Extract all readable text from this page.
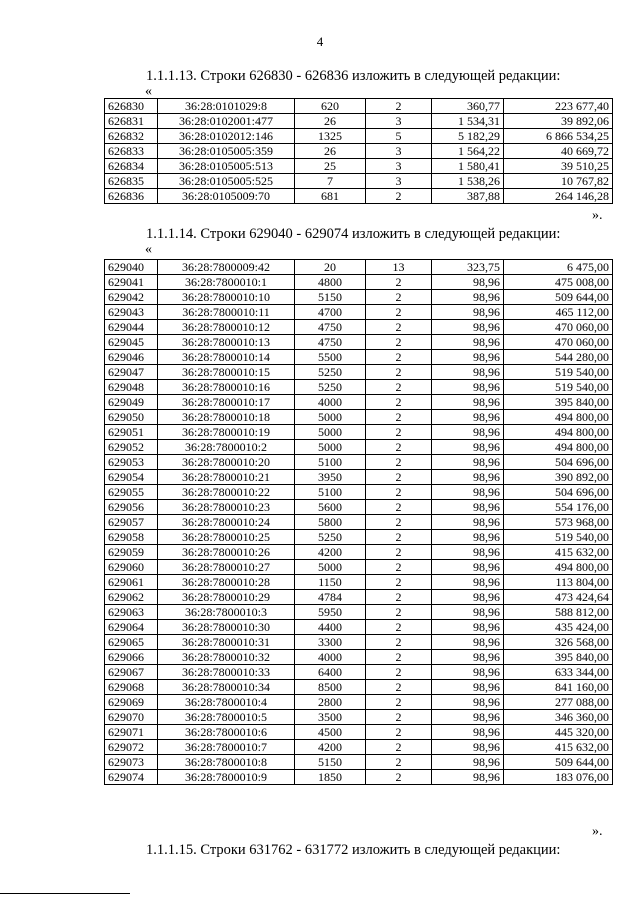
4
1.1.1.13. Строки 626830 - 626836 изложить в следующей редакции:
«
626830	36:28:0101029:8	620	2	360,77	223 677,40
626831	36:28:0102001:477	26	3	1 534,31	39 892,06
626832	36:28:0102012:146	1325	5	5 182,29	6 866 534,25
626833	36:28:0105005:359	26	3	1 564,22	40 669,72
626834	36:28:0105005:513	25	3	1 580,41	39 510,25
626835	36:28:0105005:525	7	3	1 538,26	10 767,82
626836	36:28:0105009:70	681	2	387,88	264 146,28
».
1.1.1.14. Строки 629040 - 629074 изложить в следующей редакции:
«
629040	36:28:7800009:42	20	13	323,75	6 475,00
629041	36:28:7800010:1	4800	2	98,96	475 008,00
629042	36:28:7800010:10	5150	2	98,96	509 644,00
629043	36:28:7800010:11	4700	2	98,96	465 112,00
629044	36:28:7800010:12	4750	2	98,96	470 060,00
629045	36:28:7800010:13	4750	2	98,96	470 060,00
629046	36:28:7800010:14	5500	2	98,96	544 280,00
629047	36:28:7800010:15	5250	2	98,96	519 540,00
629048	36:28:7800010:16	5250	2	98,96	519 540,00
629049	36:28:7800010:17	4000	2	98,96	395 840,00
629050	36:28:7800010:18	5000	2	98,96	494 800,00
629051	36:28:7800010:19	5000	2	98,96	494 800,00
629052	36:28:7800010:2	5000	2	98,96	494 800,00
629053	36:28:7800010:20	5100	2	98,96	504 696,00
629054	36:28:7800010:21	3950	2	98,96	390 892,00
629055	36:28:7800010:22	5100	2	98,96	504 696,00
629056	36:28:7800010:23	5600	2	98,96	554 176,00
629057	36:28:7800010:24	5800	2	98,96	573 968,00
629058	36:28:7800010:25	5250	2	98,96	519 540,00
629059	36:28:7800010:26	4200	2	98,96	415 632,00
629060	36:28:7800010:27	5000	2	98,96	494 800,00
629061	36:28:7800010:28	1150	2	98,96	113 804,00
629062	36:28:7800010:29	4784	2	98,96	473 424,64
629063	36:28:7800010:3	5950	2	98,96	588 812,00
629064	36:28:7800010:30	4400	2	98,96	435 424,00
629065	36:28:7800010:31	3300	2	98,96	326 568,00
629066	36:28:7800010:32	4000	2	98,96	395 840,00
629067	36:28:7800010:33	6400	2	98,96	633 344,00
629068	36:28:7800010:34	8500	2	98,96	841 160,00
629069	36:28:7800010:4	2800	2	98,96	277 088,00
629070	36:28:7800010:5	3500	2	98,96	346 360,00
629071	36:28:7800010:6	4500	2	98,96	445 320,00
629072	36:28:7800010:7	4200	2	98,96	415 632,00
629073	36:28:7800010:8	5150	2	98,96	509 644,00
629074	36:28:7800010:9	1850	2	98,96	183 076,00
».
1.1.1.15. Строки 631762 - 631772 изложить в следующей редакции:
